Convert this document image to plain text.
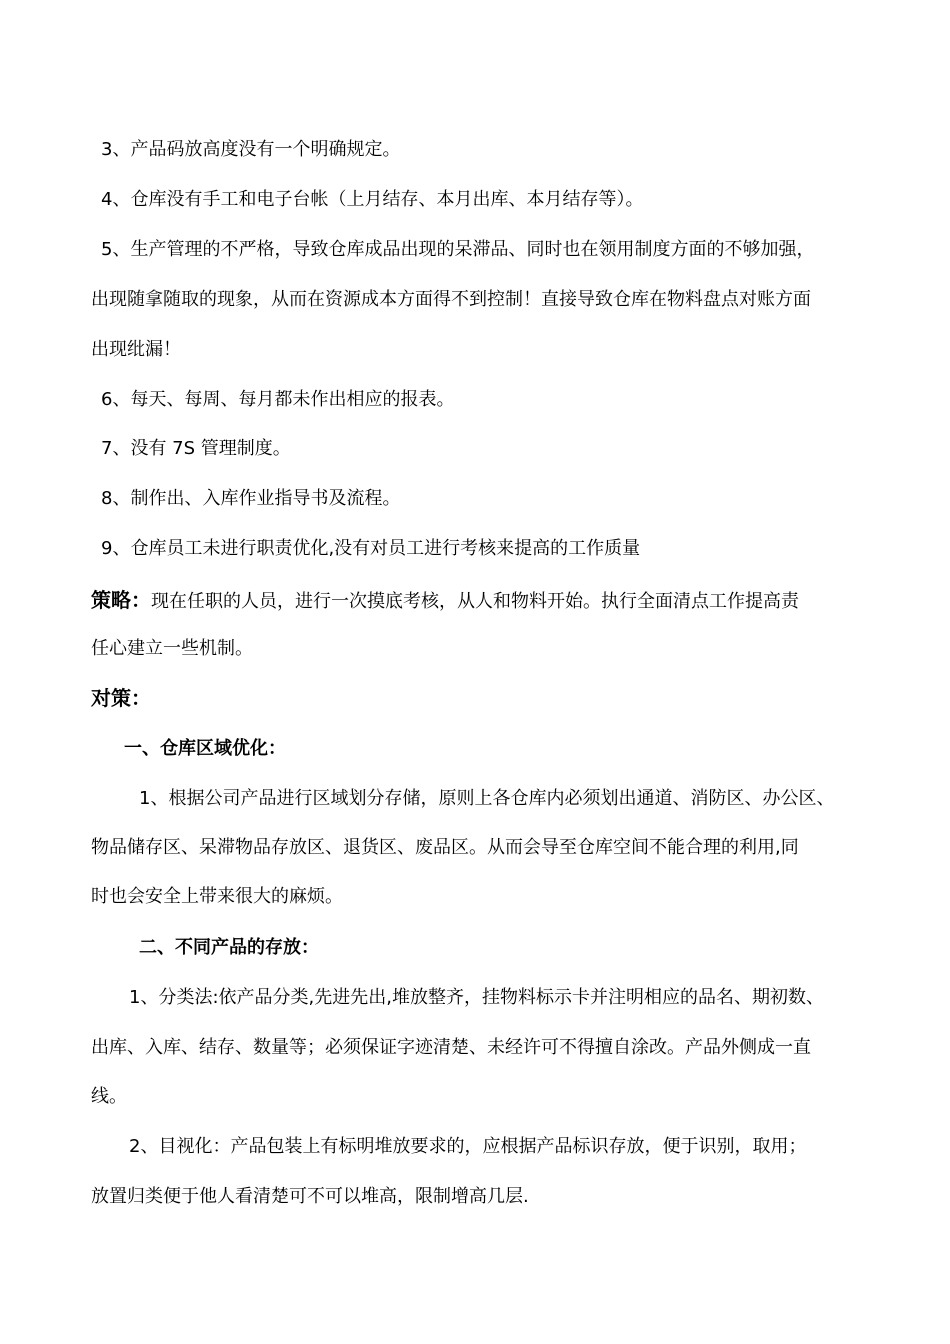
3、产品码放高度没有一个明确规定。
4、仓库没有手工和电子台帐（上月结存、本月出库、本月结存等）。
5、生产管理的不严格，导致仓库成品出现的呆滞品、同时也在领用制度方面的不够加强，
出现随拿随取的现象，从而在资源成本方面得不到控制！直接导致仓库在物料盘点对账方面
出现纰漏！
6、每天、每周、每月都未作出相应的报表。
7、没有 7S 管理制度。
8、制作出、入库作业指导书及流程。
9、仓库员工未进行职责优化,没有对员工进行考核来提高的工作质量
策略：现在任职的人员，进行一次摸底考核，从人和物料开始。执行全面清点工作提高责
任心建立一些机制。
对策：
一、仓库区域优化：
1、根据公司产品进行区域划分存储，原则上各仓库内必须划出通道、消防区、办公区、
物品储存区、呆滞物品存放区、退货区、废品区。从而会导至仓库空间不能合理的利用,同
时也会安全上带来很大的麻烦。
二、不同产品的存放：
1、分类法:依产品分类,先进先出,堆放整齐，挂物料标示卡并注明相应的品名、期初数、
出库、入库、结存、数量等；必须保证字迹清楚、未经许可不得擅自涂改。产品外侧成一直
线。
2、目视化：产品包装上有标明堆放要求的，应根据产品标识存放，便于识别，取用；
放置归类便于他人看清楚可不可以堆高，限制增高几层.
